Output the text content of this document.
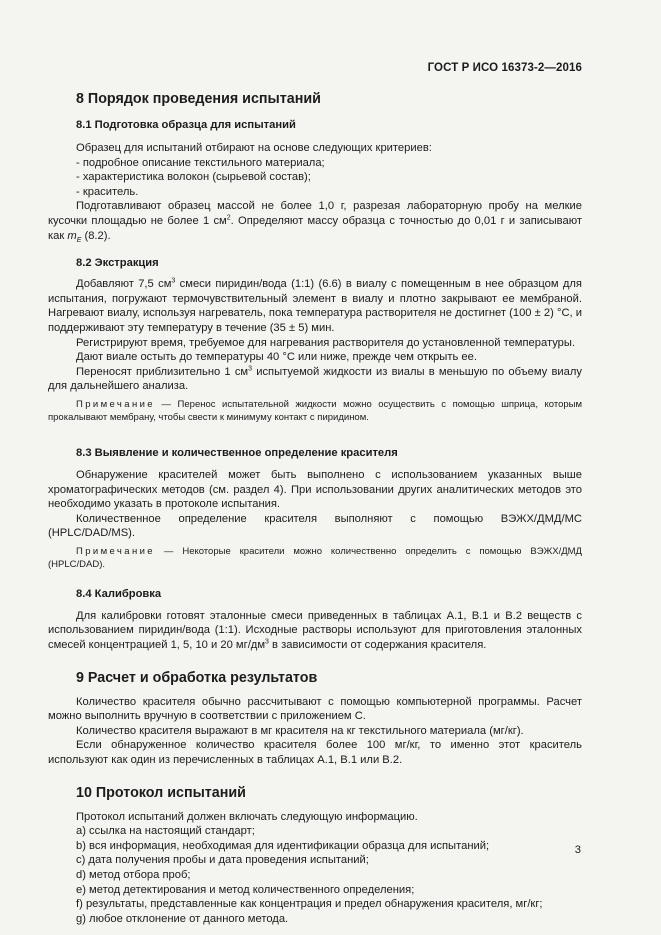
ГОСТ Р ИСО 16373-2—2016
8 Порядок проведения испытаний
8.1 Подготовка образца для испытаний

Образец для испытаний отбирают на основе следующих критериев:

- подробное описание текстильного материала;

- характеристика волокон (сырьевой состав);

- краситель.

Подготавливают образец массой не более 1,0 г, разрезая лабораторную пробу на мелкие кусочки площадью не более 1 $см^2$. Определяют массу образца с точностью до 0,01 г и записывают как $m_E$ (8.2).

8.2 Экстракция

Добавляют 7,5 $см^3$ смеси пиридин/вода (1:1) (6.6) в виалу с помещенным в нее образцом для испытания, погружают термочувствительный элемент в виалу и плотно закрывают ее мембраной. Нагревают виалу, используя нагреватель, пока температура растворителя не достигнет (100 ± 2) °С, и поддерживают эту температуру в течение (35 ± 5) мин.

Регистрируют время, требуемое для нагревания растворителя до установленной температуры.

Дают виале остыть до температуры 40 °С или ниже, прежде чем открыть ее.

Переносят приблизительно 1 $см^3$ испытуемой жидкости из виалы в меньшую по объему виалу для дальнейшего анализа.

Примечание — Перенос испытательной жидкости можно осуществить с помощью шприца, которым прокалывают мембрану, чтобы свести к минимуму контакт с пиридином.

8.3 Выявление и количественное определение красителя

Обнаружение красителей может быть выполнено с использованием указанных выше хроматографических методов (см. раздел 4). При использовании других аналитических методов это необходимо указать в протоколе испытания.

Количественное определение красителя выполняют с помощью ВЭЖХ/ДМД/МС (HPLC/DAD/MS).

Примечание — Некоторые красители можно количественно определить с помощью ВЭЖХ/ДМД (HPLC/DAD).

8.4 Калибровка

Для калибровки готовят эталонные смеси приведенных в таблицах А.1, В.1 и В.2 веществ с использованием пиридин/вода (1:1). Исходные растворы используют для приготовления эталонных смесей концентрацией 1, 5, 10 и 20 $мг/дм^3$ в зависимости от содержания красителя.

9 Расчет и обработка результатов

Количество красителя обычно рассчитывают с помощью компьютерной программы. Расчет можно выполнить вручную в соответствии с приложением С.

Количество красителя выражают в мг красителя на кг текстильного материала (мг/кг).

Если обнаруженное количество красителя более 100 мг/кг, то именно этот краситель используют как один из перечисленных в таблицах А.1, В.1 или В.2.

10 Протокол испытаний

Протокол испытаний должен включать следующую информацию.

a) ссылка на настоящий стандарт;

b) вся информация, необходимая для идентификации образца для испытаний;

c) дата получения пробы и дата проведения испытаний;

d) метод отбора проб;

e) метод детектирования и метод количественного определения;

f) результаты, представленные как концентрация и предел обнаружения красителя, мг/кг;

g) любое отклонение от данного метода.

3
